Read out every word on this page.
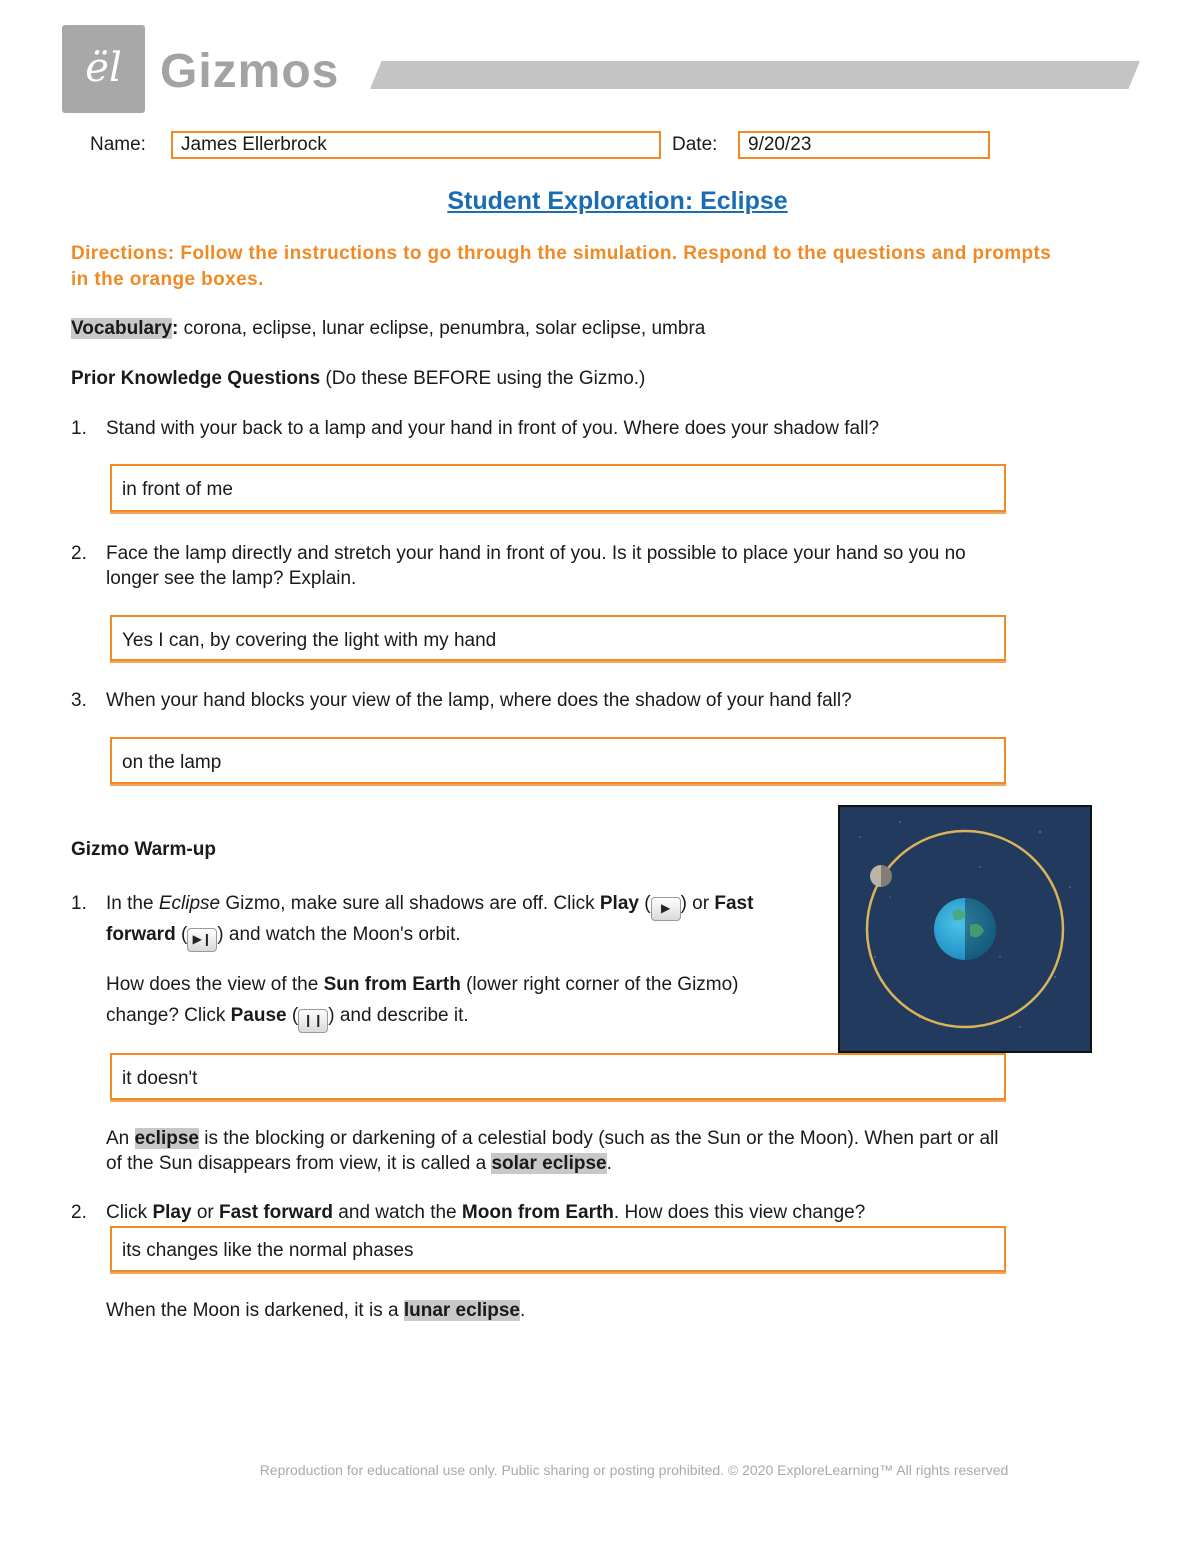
ël Gizmos
Name:	James Ellerbrock	Date:	9/20/23
Student Exploration: Eclipse
Directions: Follow the instructions to go through the simulation. Respond to the questions and prompts in the orange boxes.
Vocabulary: corona, eclipse, lunar eclipse, penumbra, solar eclipse, umbra
Prior Knowledge Questions (Do these BEFORE using the Gizmo.)
1. Stand with your back to a lamp and your hand in front of you. Where does your shadow fall?
in front of me
2. Face the lamp directly and stretch your hand in front of you. Is it possible to place your hand so you no
longer see the lamp? Explain.
Yes I can, by covering the light with my hand
3. When your hand blocks your view of the lamp, where does the shadow of your hand fall?
on the lamp
Gizmo Warm-up
1. In the Eclipse Gizmo, make sure all shadows are off. Click Play ( ▶ ) or Fast
forward ( ▶❙ ) and watch the Moon's orbit.
How does the view of the Sun from Earth (lower right corner of the Gizmo)
change? Click Pause ( ❙❙ ) and describe it.
it doesn't
An eclipse is the blocking or darkening of a celestial body (such as the Sun or the Moon). When part or all
of the Sun disappears from view, it is called a solar eclipse.
2. Click Play or Fast forward and watch the Moon from Earth. How does this view change?
its changes like the normal phases
When the Moon is darkened, it is a lunar eclipse.
Reproduction for educational use only. Public sharing or posting prohibited. © 2020 ExploreLearning™ All rights reserved
